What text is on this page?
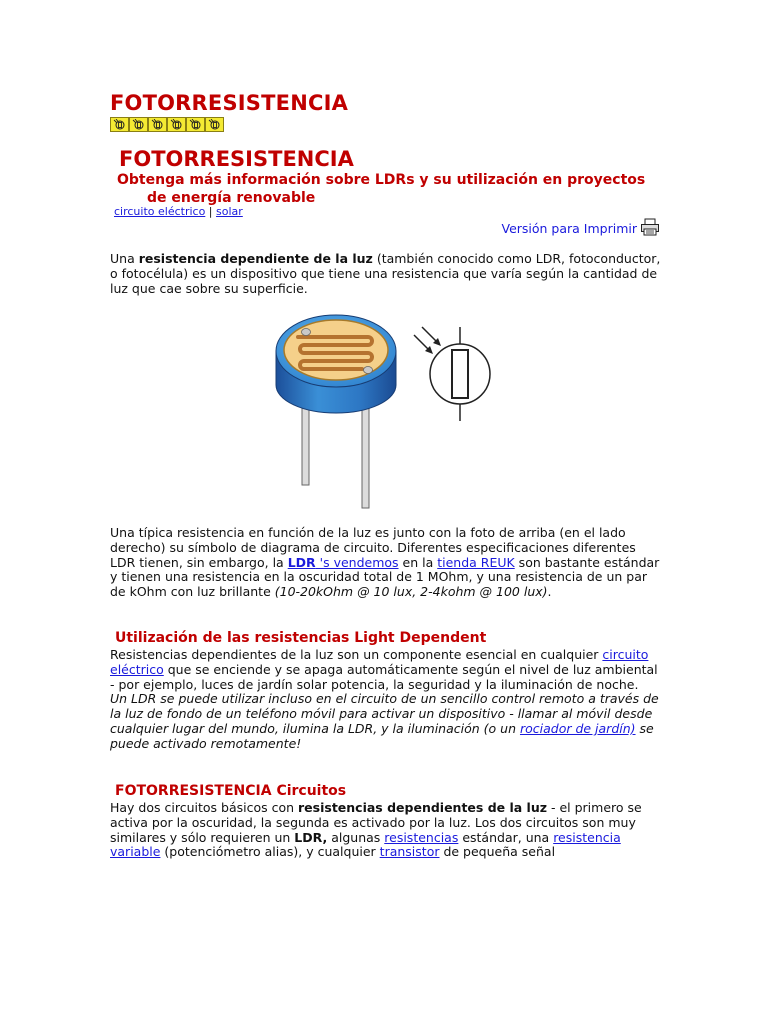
FOTORRESISTENCIA
FOTORRESISTENCIA
Obtenga más información sobre LDRs y su utilización en proyectos
de energía renovable
circuito eléctrico | solar
Versión para Imprimir
Una resistencia dependiente de la luz (también conocido como LDR, fotoconductor, o fotocélula) es un dispositivo que tiene una resistencia que varía según la cantidad de luz que cae sobre su superficie.
Una típica resistencia en función de la luz es junto con la foto de arriba (en el lado derecho) su símbolo de diagrama de circuito. Diferentes especificaciones diferentes LDR tienen, sin embargo, la LDR 's vendemos en la tienda REUK son bastante estándar y tienen una resistencia en la oscuridad total de 1 MOhm, y una resistencia de un par de kOhm con luz brillante (10-20kOhm @ 10 lux, 2-4kohm @ 100 lux).
Utilización de las resistencias Light Dependent
Resistencias dependientes de la luz son un componente esencial en cualquier circuito eléctrico que se enciende y se apaga automáticamente según el nivel de luz ambiental - por ejemplo, luces de jardín solar potencia, la seguridad y la iluminación de noche.
Un LDR se puede utilizar incluso en el circuito de un sencillo control remoto a través de la luz de fondo de un teléfono móvil para activar un dispositivo - llamar al móvil desde cualquier lugar del mundo, ilumina la LDR, y la iluminación (o un rociador de jardín) se puede activado remotamente!
FOTORRESISTENCIA Circuitos
Hay dos circuitos básicos con resistencias dependientes de la luz - el primero se activa por la oscuridad, la segunda es activado por la luz. Los dos circuitos son muy similares y sólo requieren un LDR, algunas resistencias estándar, una resistencia variable (potenciómetro alias), y cualquier transistor de pequeña señal
